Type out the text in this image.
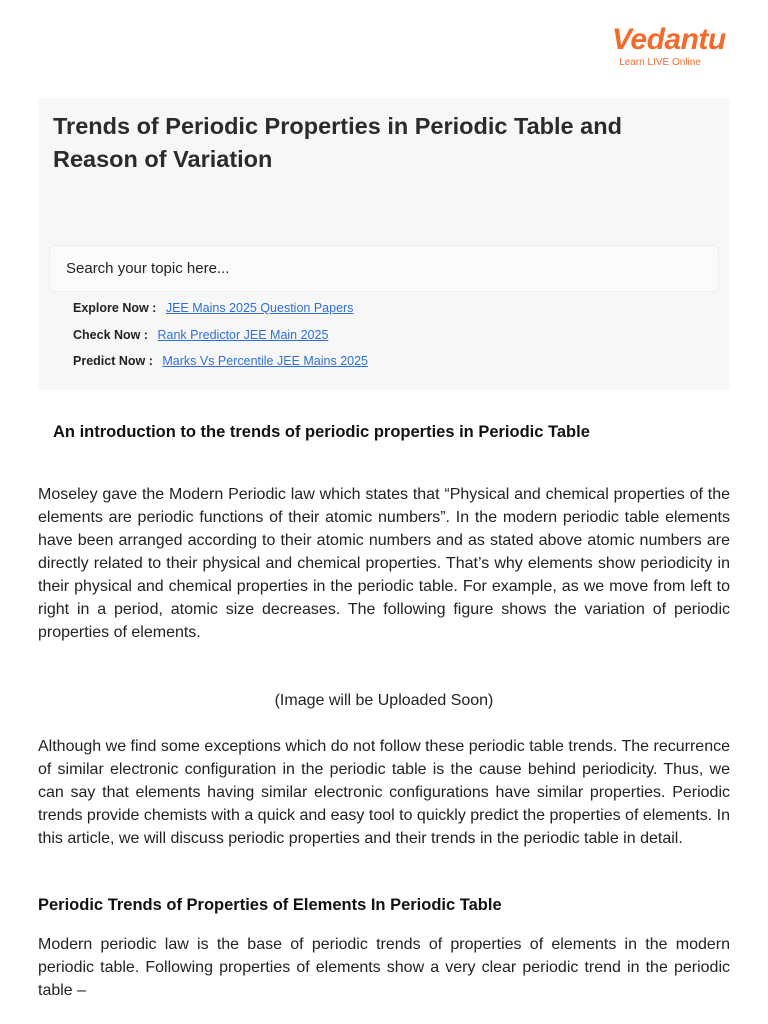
Vedantu
Learn LIVE Online
Trends of Periodic Properties in Periodic Table and Reason of Variation
Search your topic here...
Explore Now : JEE Mains 2025 Question Papers
Check Now : Rank Predictor JEE Main 2025
Predict Now : Marks Vs Percentile JEE Mains 2025
An introduction to the trends of periodic properties in Periodic Table

Moseley gave the Modern Periodic law which states that “Physical and chemical properties of the elements are periodic functions of their atomic numbers”. In the modern periodic table elements have been arranged according to their atomic numbers and as stated above atomic numbers are directly related to their physical and chemical properties. That’s why elements show periodicity in their physical and chemical properties in the periodic table. For example, as we move from left to right in a period, atomic size decreases. The following figure shows the variation of periodic properties of elements.

(Image will be Uploaded Soon)

Although we find some exceptions which do not follow these periodic table trends. The recurrence of similar electronic configuration in the periodic table is the cause behind periodicity. Thus, we can say that elements having similar electronic configurations have similar properties. Periodic trends provide chemists with a quick and easy tool to quickly predict the properties of elements. In this article, we will discuss periodic properties and their trends in the periodic table in detail.

Periodic Trends of Properties of Elements In Periodic Table

Modern periodic law is the base of periodic trends of properties of elements in the modern periodic table. Following properties of elements show a very clear periodic trend in the periodic table –
